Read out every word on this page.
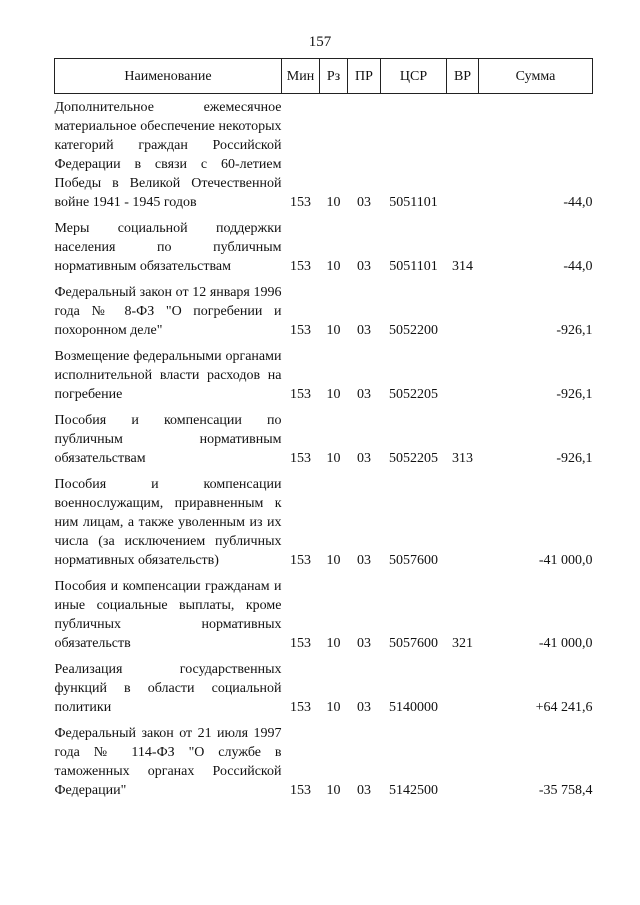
157
Наименование	Мин	Рз	ПР	ЦСР	ВР	Сумма
Дополнительное ежемесячное материальное обеспечение некоторых категорий граждан Российской Федерации в связи с 60-летием Победы в Великой Отечественной войне 1941 - 1945 годов	153	10	03	5051101		-44,0
Меры социальной поддержки населения по публичным нормативным обязательствам	153	10	03	5051101	314	-44,0
Федеральный закон от 12 января 1996 года № 8-ФЗ "О погребении и похоронном деле"	153	10	03	5052200		-926,1
Возмещение федеральными органами исполнительной власти расходов на погребение	153	10	03	5052205		-926,1
Пособия и компенсации по публичным нормативным обязательствам	153	10	03	5052205	313	-926,1
Пособия и компенсации военнослужащим, приравненным к ним лицам, а также уволенным из их числа (за исключением публичных нормативных обязательств)	153	10	03	5057600		-41 000,0
Пособия и компенсации гражданам и иные социальные выплаты, кроме публичных нормативных обязательств	153	10	03	5057600	321	-41 000,0
Реализация государственных функций в области социальной политики	153	10	03	5140000		+64 241,6
Федеральный закон от 21 июля 1997 года № 114-ФЗ "О службе в таможенных органах Российской Федерации"	153	10	03	5142500		-35 758,4
